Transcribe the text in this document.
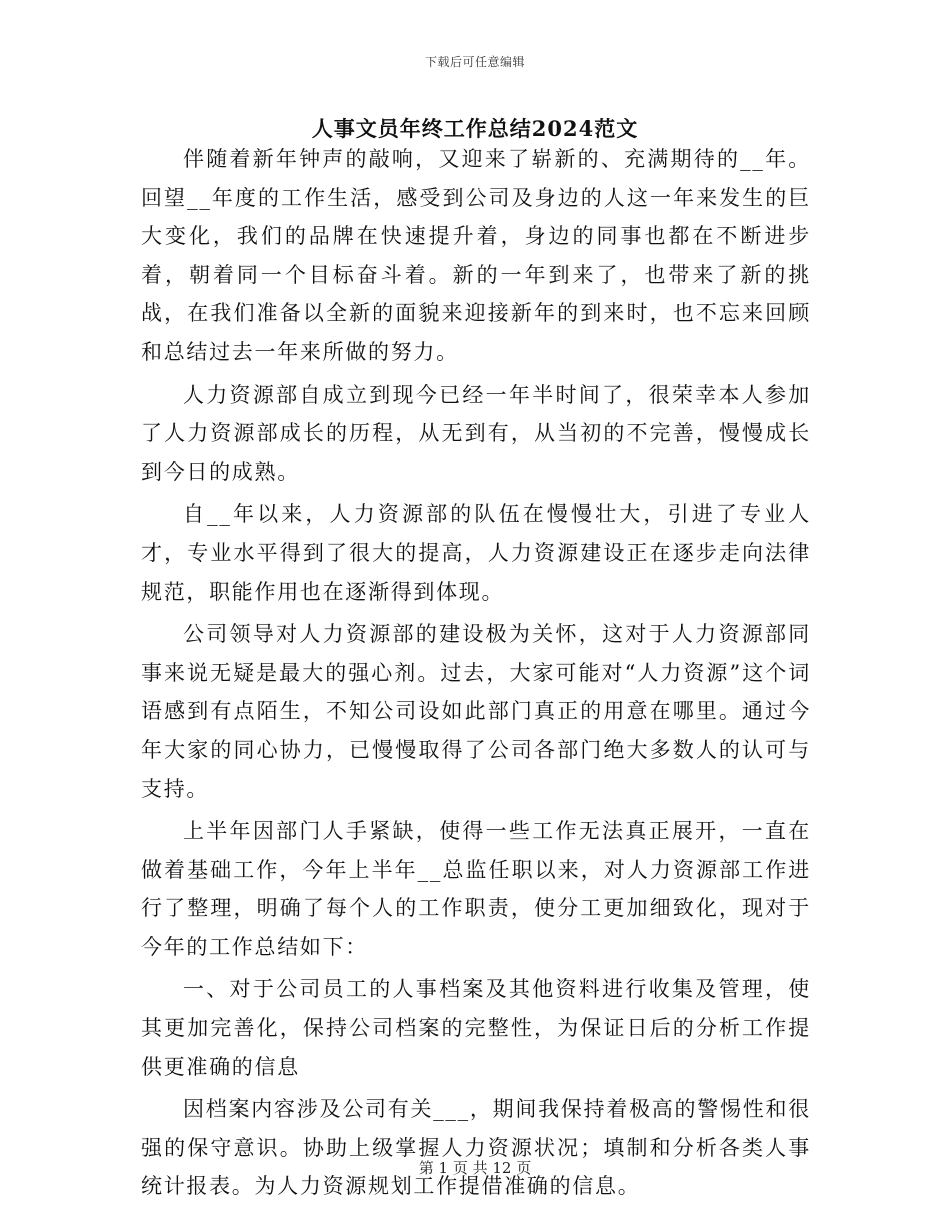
下载后可任意编辑
人事文员年终工作总结2024范文

伴随着新年钟声的敲响，又迎来了崭新的、充满期待的__年。回望__年度的工作生活，感受到公司及身边的人这一年来发生的巨大变化，我们的品牌在快速提升着，身边的同事也都在不断进步着，朝着同一个目标奋斗着。新的一年到来了，也带来了新的挑战，在我们准备以全新的面貌来迎接新年的到来时，也不忘来回顾和总结过去一年来所做的努力。

人力资源部自成立到现今已经一年半时间了，很荣幸本人参加了人力资源部成长的历程，从无到有，从当初的不完善，慢慢成长到今日的成熟。

自__年以来，人力资源部的队伍在慢慢壮大，引进了专业人才，专业水平得到了很大的提高，人力资源建设正在逐步走向法律规范，职能作用也在逐渐得到体现。

公司领导对人力资源部的建设极为关怀，这对于人力资源部同事来说无疑是最大的强心剂。过去，大家可能对“人力资源”这个词语感到有点陌生，不知公司设如此部门真正的用意在哪里。通过今年大家的同心协力，已慢慢取得了公司各部门绝大多数人的认可与支持。

上半年因部门人手紧缺，使得一些工作无法真正展开，一直在做着基础工作，今年上半年__总监任职以来，对人力资源部工作进行了整理，明确了每个人的工作职责，使分工更加细致化，现对于今年的工作总结如下：

一、对于公司员工的人事档案及其他资料进行收集及管理，使其更加完善化，保持公司档案的完整性，为保证日后的分析工作提供更准确的信息

因档案内容涉及公司有关___，期间我保持着极高的警惕性和很强的保守意识。协助上级掌握人力资源状况；填制和分析各类人事统计报表。为人力资源规划工作提借准确的信息。

第 1 页 共 12 页
